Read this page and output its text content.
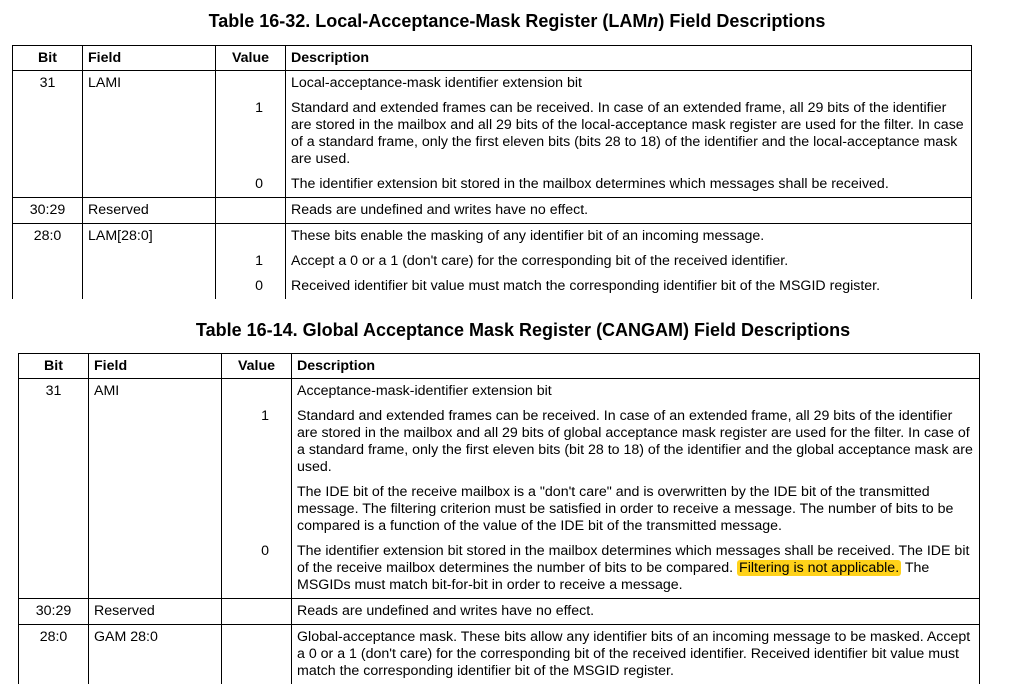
Table 16-32. Local-Acceptance-Mask Register (LAMn) Field Descriptions
Bit	Field	Value	Description
31	LAMI		Local-acceptance-mask identifier extension bit
		1	Standard and extended frames can be received. In case of an extended frame, all 29 bits of the identifier are stored in the mailbox and all 29 bits of the local-acceptance mask register are used for the filter. In case of a standard frame, only the first eleven bits (bits 28 to 18) of the identifier and the local-acceptance mask are used.
		0	The identifier extension bit stored in the mailbox determines which messages shall be received.
30:29	Reserved		Reads are undefined and writes have no effect.
28:0	LAM[28:0]		These bits enable the masking of any identifier bit of an incoming message.
		1	Accept a 0 or a 1 (don't care) for the corresponding bit of the received identifier.
		0	Received identifier bit value must match the corresponding identifier bit of the MSGID register.
Table 16-14. Global Acceptance Mask Register (CANGAM) Field Descriptions
Bit	Field	Value	Description
31	AMI		Acceptance-mask-identifier extension bit
		1	Standard and extended frames can be received. In case of an extended frame, all 29 bits of the identifier are stored in the mailbox and all 29 bits of global acceptance mask register are used for the filter. In case of a standard frame, only the first eleven bits (bit 28 to 18) of the identifier and the global acceptance mask are used.
			The IDE bit of the receive mailbox is a "don't care" and is overwritten by the IDE bit of the transmitted message. The filtering criterion must be satisfied in order to receive a message. The number of bits to be compared is a function of the value of the IDE bit of the transmitted message.
		0	The identifier extension bit stored in the mailbox determines which messages shall be received. The IDE bit of the receive mailbox determines the number of bits to be compared. Filtering is not applicable. The MSGIDs must match bit-for-bit in order to receive a message.
30:29	Reserved		Reads are undefined and writes have no effect.
28:0	GAM 28:0		Global-acceptance mask. These bits allow any identifier bits of an incoming message to be masked. Accept a 0 or a 1 (don't care) for the corresponding bit of the received identifier. Received identifier bit value must match the corresponding identifier bit of the MSGID register.
